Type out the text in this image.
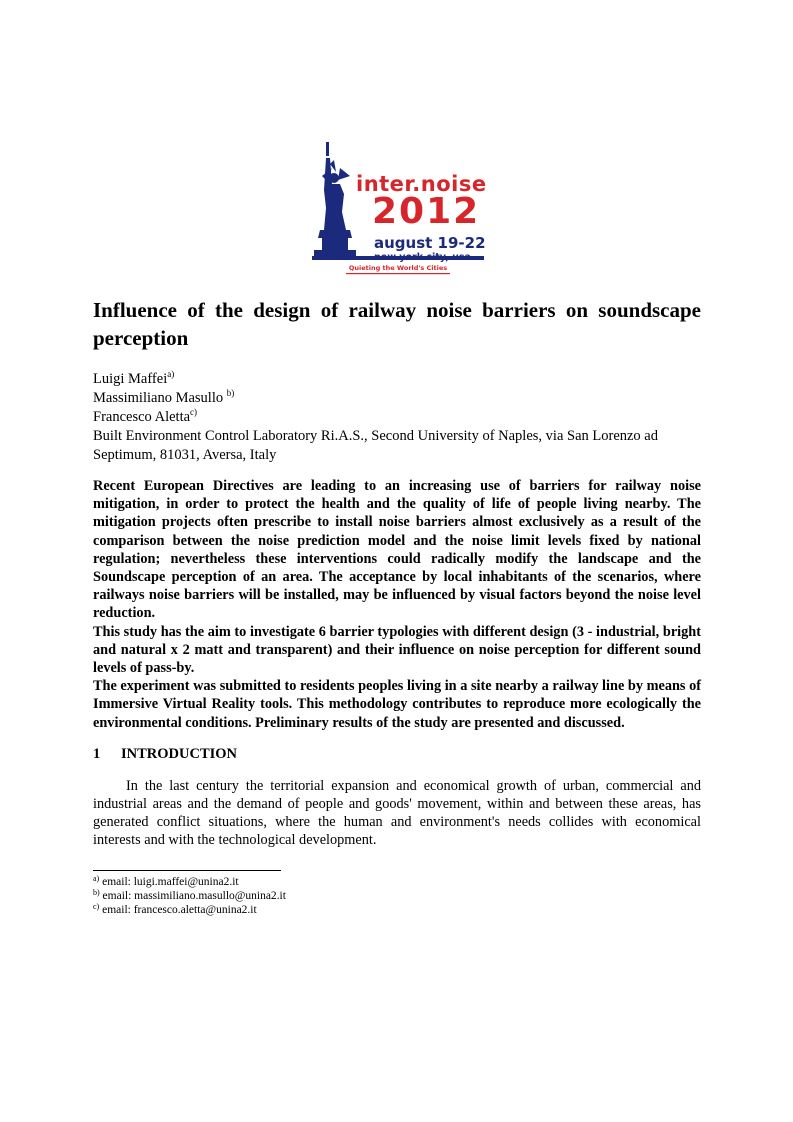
inter.noise
2012
august 19-22
new york city, usa
Quieting the World's Cities
Influence of the design of railway noise barriers on soundscape perception
Luigi Maffei$^{a)}$
Massimiliano Masullo $^{b)}$
Francesco Aletta$^{c)}$
Built Environment Control Laboratory Ri.A.S., Second University of Naples, via San Lorenzo ad Septimum, 81031, Aversa, Italy

Recent European Directives are leading to an increasing use of barriers for railway noise mitigation, in order to protect the health and the quality of life of people living nearby. The mitigation projects often prescribe to install noise barriers almost exclusively as a result of the comparison between the noise prediction model and the noise limit levels fixed by national regulation; nevertheless these interventions could radically modify the landscape and the Soundscape perception of an area. The acceptance by local inhabitants of the scenarios, where railways noise barriers will be installed, may be influenced by visual factors beyond the noise level reduction.

This study has the aim to investigate 6 barrier typologies with different design (3 - industrial, bright and natural x 2 matt and transparent) and their influence on noise perception for different sound levels of pass-by.

The experiment was submitted to residents peoples living in a site nearby a railway line by means of Immersive Virtual Reality tools. This methodology contributes to reproduce more ecologically the environmental conditions. Preliminary results of the study are presented and discussed.

1	INTRODUCTION

In the last century the territorial expansion and economical growth of urban, commercial and industrial areas and the demand of people and goods' movement, within and between these areas, has generated conflict situations, where the human and environment's needs collides with economical interests and with the technological development.

$^{a)}$ email: luigi.maffei@unina2.it
$^{b)}$ email: massimiliano.masullo@unina2.it
$^{c)}$ email: francesco.aletta@unina2.it
